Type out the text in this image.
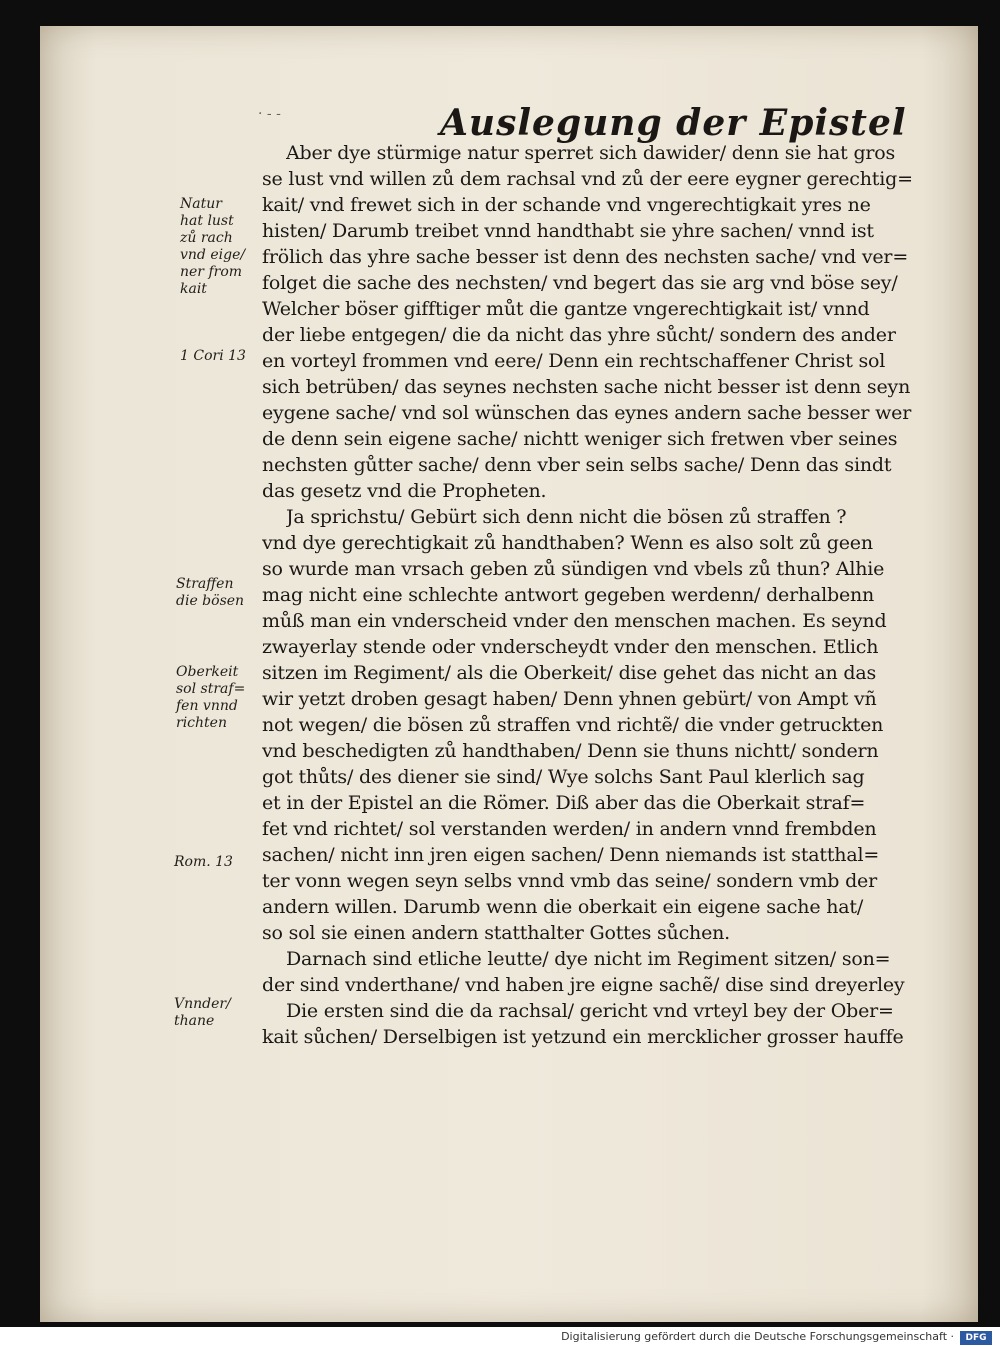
· - -	Auslegung der Epistel
Aber dye stürmige natur sperret sich dawider/ denn sie hat gros
se lust vnd willen zů dem rachsal vnd zů der eere eygner gerechtig=
kait/ vnd frewet sich in der schande vnd vngerechtigkait yres ne
histen/ Darumb treibet vnnd handthabt sie yhre sachen/ vnnd ist
frölich das yhre sache besser ist denn des nechsten sache/ vnd ver=
folget die sache des nechsten/ vnd begert das sie arg vnd böse sey/
Welcher böser gifftiger můt die gantze vngerechtigkait ist/ vnnd
der liebe entgegen/ die da nicht das yhre sůcht/ sondern des ander
en vorteyl frommen vnd eere/ Denn ein rechtschaffener Christ sol
sich betrüben/ das seynes nechsten sache nicht besser ist denn seyn
eygene sache/ vnd sol wünschen das eynes andern sache besser wer
de denn sein eigene sache/ nichtt weniger sich fretwen vber seines
nechsten gůtter sache/ denn vber sein selbs sache/ Denn das sindt
das gesetz vnd die Propheten.
Ja sprichstu/ Gebürt sich denn nicht die bösen zů straffen ?
vnd dye gerechtigkait zů handthaben? Wenn es also solt zů geen
so wurde man vrsach geben zů sündigen vnd vbels zů thun? Alhie
mag nicht eine schlechte antwort gegeben werdenn/ derhalbenn
můß man ein vnderscheid vnder den menschen machen. Es seynd
zwayerlay stende oder vnderscheydt vnder den menschen. Etlich
sitzen im Regiment/ als die Oberkeit/ dise gehet das nicht an das
wir yetzt droben gesagt haben/ Denn yhnen gebürt/ von Ampt vñ
not wegen/ die bösen zů straffen vnd richtẽ/ die vnder getruckten
vnd beschedigten zů handthaben/ Denn sie thuns nichtt/ sondern
got thůts/ des diener sie sind/ Wye solchs Sant Paul klerlich sag
et in der Epistel an die Römer. Diß aber das die Oberkait straf=
fet vnd richtet/ sol verstanden werden/ in andern vnnd frembden
sachen/ nicht inn jren eigen sachen/ Denn niemands ist statthal=
ter vonn wegen seyn selbs vnnd vmb das seine/ sondern vmb der
andern willen. Darumb wenn die oberkait ein eigene sache hat/
so sol sie einen andern statthalter Gottes sůchen.
Darnach sind etliche leutte/ dye nicht im Regiment sitzen/ son=
der sind vnderthane/ vnd haben jre eigne sachẽ/ dise sind dreyerley
Die ersten sind die da rachsal/ gericht vnd vrteyl bey der Ober=
kait sůchen/ Derselbigen ist yetzund ein mercklicher grosser hauffe
Natur
hat lust
zů rach
vnd eige/
ner from
kait
1 Cori 13
Straffen
die bösen
Oberkeit
sol straf=
fen vnnd
richten
Rom. 13
Vnnder/
thane
Digitalisierung gefördert durch die Deutsche Forschungsgemeinschaft ·	DFG
